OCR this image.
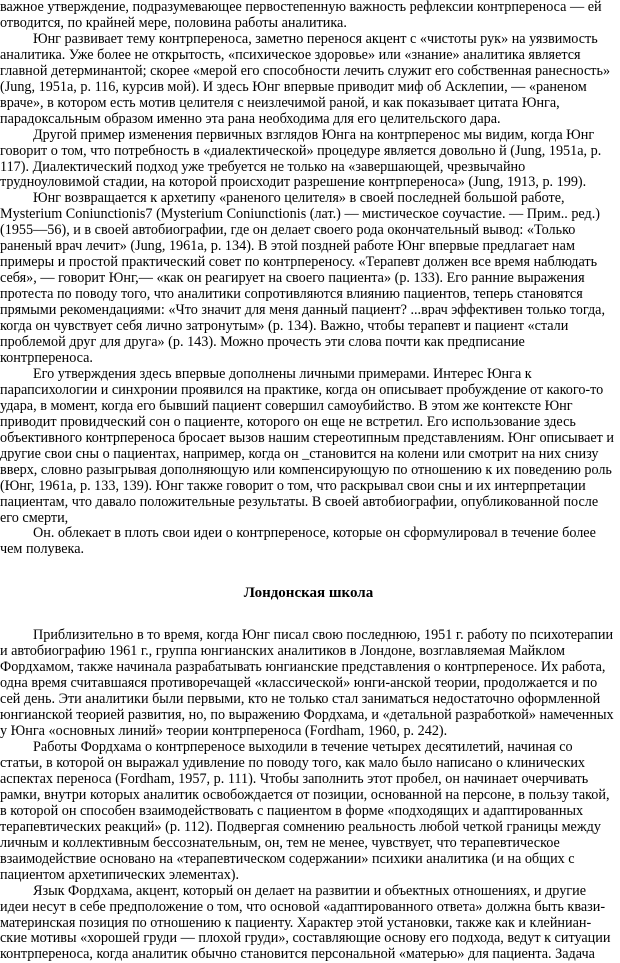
важное утверждение, подразумевающее первостепенную важность рефлексии контрпереноса — ей отводится, по крайней мере, половина работы аналитика.

Юнг развивает тему контрпереноса, заметно перенося акцент с «чистоты рук» на уязвимость аналитика. Уже более не открытость, «психическое здоровье» или «знание» аналитика является главной детерминантой; скорее «мерой его способности лечить служит его собственная ранесность» (Jung, 1951а, р. 116, курсив мой). И здесь Юнг впервые приводит миф об Асклепии, — «раненом враче», в котором есть мотив целителя с неизлечимой раной, и как показывает цитата Юнга, парадоксальным образом именно эта рана необходима для его целительского дара.

Другой пример изменения первичных взглядов Юнга на контрперенос мы видим, когда Юнг говорит о том, что потребность в «диалектической» процедуре является довольно й (Jung, 1951a, p. 117). Диалектический подход уже требуется не только на «завершающей, чрезвычайно трудноуловимой стадии, на которой происходит разрешение контрпереноса» (Jung, 1913, p. 199).

Юнг возвращается к архетипу «раненого целителя» в своей последней большой работе, Mysterium Coniunctionis7 (Mysterium Coniunctionis (лат.) — мистическое соучастие. — Прим.. ред.) (1955—56), и в своей автобиографии, где он делает своего рода окончательный вывод: «Только раненый врач лечит» (Jung, 1961а, р. 134). В этой поздней работе Юнг впервые предлагает нам примеры и простой практический совет по контрпереносу. «Терапевт должен все время наблюдать себя», — говорит Юнг,— «как он реагирует на своего пациента» (р. 133). Его ранние выражения протеста по поводу того, что аналитики сопротивляются влиянию пациентов, теперь становятся прямыми рекомендациями: «Что значит для меня данный пациент? ...врач эффективен только тогда, когда он чувствует себя лично затронутым» (р. 134). Важно, чтобы терапевт и пациент «стали проблемой друг для друга» (р. 143). Можно прочесть эти слова почти как предписание контрпереноса.

Его утверждения здесь впервые дополнены личными примерами. Интерес Юнга к парапсихологии и синхронии проявился на практике, когда он описывает пробуждение от какого-то удара, в момент, когда его бывший пациент совершил самоубийство. В этом же контексте Юнг приводит провидческий сон о пациенте, которого он еще не встретил. Его использование здесь объективного контрпереноса бросает вызов нашим стереотипным представлениям. Юнг описывает и другие свои сны о пациентах, например, когда он _становится на колени или смотрит на них снизу вверх, словно разыгрывая дополняющую или компенсирующую по отношению к их поведению роль (Юнг, 1961а, р. 133, 139). Юнг также говорит о том, что раскрывал свои сны и их интерпретации пациентам, что давало положительные результаты. В своей автобиографии, опубликованной после его смерти,

Он. облекает в плоть свои идеи о контрпереносе, которые он сформулировал в течение более чем полувека.

Лондонская школа

Приблизительно в то время, когда Юнг писал свою последнюю, 1951 г. работу по психотерапии и автобиографию 1961 г., группа юнгианских аналитиков в Лондоне, возглавляемая Майклом Фордхамом, также начинала разрабатывать юнгианские представления о контрпереносе. Их работа, одна время считавшаяся противоречащей «классической» юнги-анской теории, продолжается и по сей день. Эти аналитики были первыми, кто не только стал заниматься недостаточно оформленной юнгианской теорией развития, но, по выражению Фордхама, и «детальной разработкой» намеченных у Юнга «основных линий» теории контрпереноса (Fordham, 1960, p. 242).

Работы Фордхама о контрпереносе выходили в течение четырех десятилетий, начиная со статьи, в которой он выражал удивление по поводу того, как мало было написано о клинических аспектах переноса (Fordham, 1957, p. 111). Чтобы заполнить этот пробел, он начинает очерчивать рамки, внутри которых аналитик освобождается от позиции, основанной на персоне, в пользу такой, в которой он способен взаимодействовать с пациентом в форме «подходящих и адаптированных терапевтических реакций» (р. 112). Подвергая сомнению реальность любой четкой границы между личным и коллективным бессознательным, он, тем не менее, чувствует, что терапевтическое взаимодействие основано на «терапевтическом содержании» психики аналитика (и на общих с пациентом архетипических элементах).

Язык Фордхама, акцент, который он делает на развитии и объектных отношениях, и другие идеи несут в себе предположение о том, что основой «адаптированного ответа» должна быть квази-материнская позиция по отношению к пациенту. Характер этой установки, также как и клейниан-ские мотивы «хорошей груди — плохой груди», составляющие основу его подхода, ведут к ситуации контрпереноса, когда аналитик обычно становится персональной «матерью» для пациента. Задача
